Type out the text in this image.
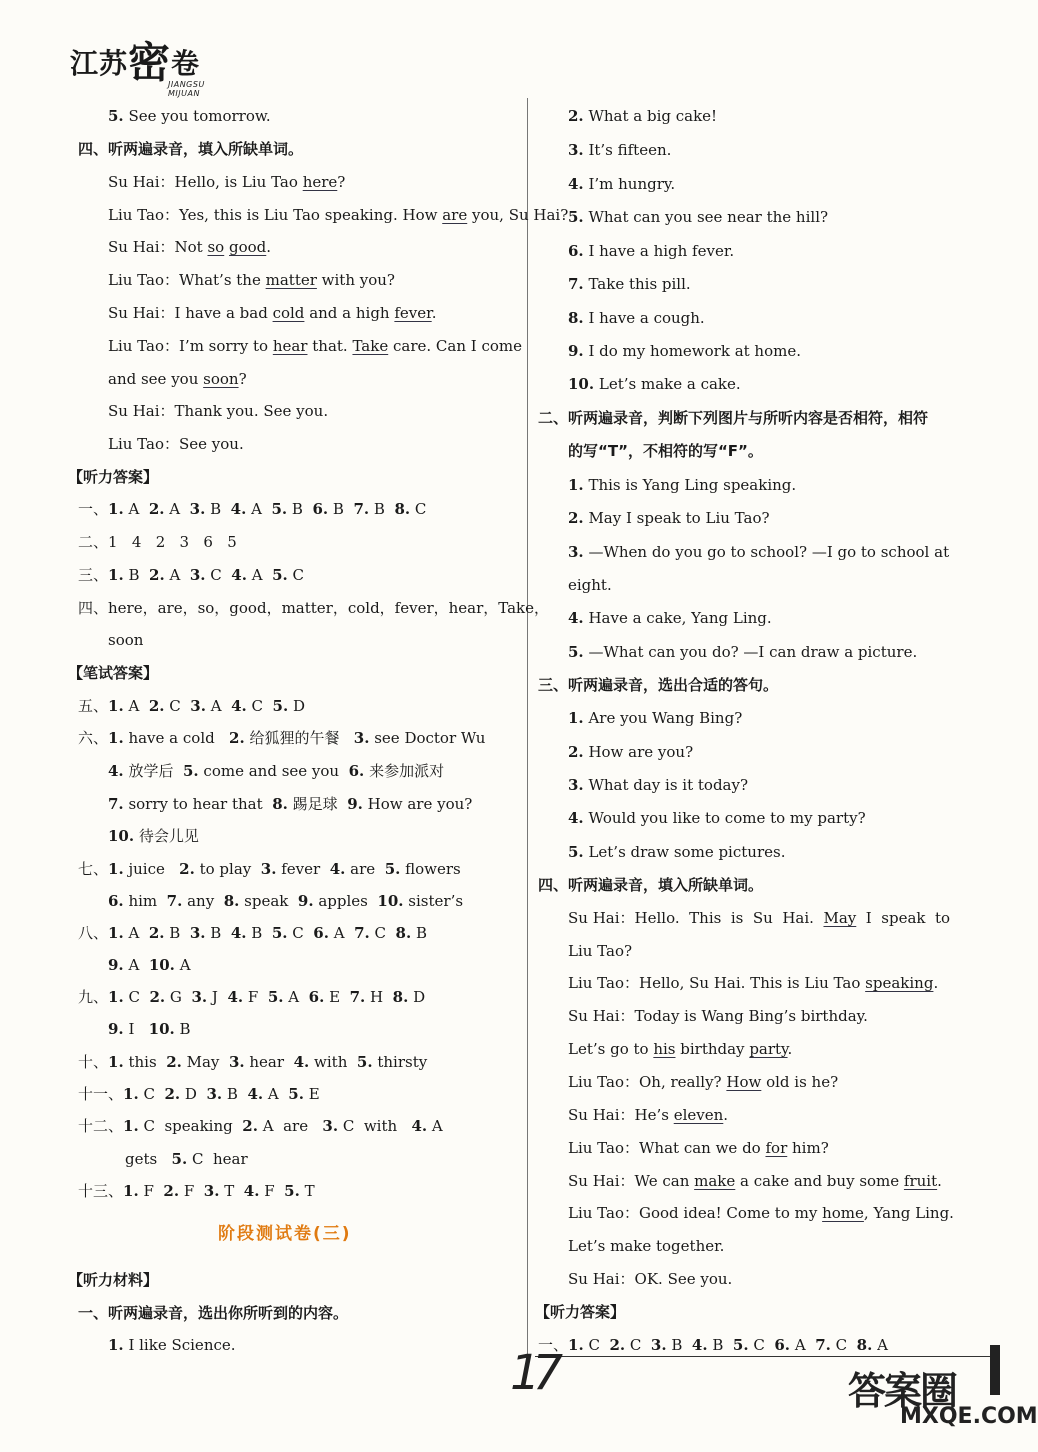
江苏密卷
JIANGSU MIJUAN
阶段测试卷(三)
17	答案圈
MXQE.COM
5. See you tomorrow.
四、听两遍录音，填入所缺单词。
Su Hai：Hello, is Liu Tao here?
Liu Tao：Yes, this is Liu Tao speaking. How are you, Su Hai?
Su Hai：Not so good.
Liu Tao：What’s the matter with you?
Su Hai：I have a bad cold and a high fever.
Liu Tao：I’m sorry to hear that. Take care. Can I come
and see you soon?
Su Hai：Thank you. See you.
Liu Tao：See you.
【听力答案】
一、1. A  2. A  3. B  4. A  5. B  6. B  7. B  8. C
二、1   4   2   3   6   5
三、1. B  2. A  3. C  4. A  5. C
四、here，are，so，good，matter，cold，fever，hear，Take，
soon
【笔试答案】
五、1. A  2. C  3. A  4. C  5. D
六、1. have a cold   2. 给狐狸的午餐   3. see Doctor Wu
4. 放学后  5. come and see you  6. 来参加派对
7. sorry to hear that  8. 踢足球  9. How are you?
10. 待会儿见
七、1. juice   2. to play  3. fever  4. are  5. flowers
6. him  7. any  8. speak  9. apples  10. sister’s
八、1. A  2. B  3. B  4. B  5. C  6. A  7. C  8. B
9. A  10. A
九、1. C  2. G  3. J  4. F  5. A  6. E  7. H  8. D
9. I   10. B
十、1. this  2. May  3. hear  4. with  5. thirsty
十一、1. C  2. D  3. B  4. A  5. E
十二、1. C  speaking  2. A  are   3. C  with   4. A
gets   5. C  hear
十三、1. F  2. F  3. T  4. F  5. T
【听力材料】
一、听两遍录音，选出你所听到的内容。
1. I like Science.
2. What a big cake!
3. It’s fifteen.
4. I’m hungry.
5. What can you see near the hill?
6. I have a high fever.
7. Take this pill.
8. I have a cough.
9. I do my homework at home.
10. Let’s make a cake.
二、听两遍录音，判断下列图片与所听内容是否相符，相符
的写“T”，不相符的写“F”。
1. This is Yang Ling speaking.
2. May I speak to Liu Tao?
3. —When do you go to school? —I go to school at
eight.
4. Have a cake, Yang Ling.
5. —What can you do? —I can draw a picture.
三、听两遍录音，选出合适的答句。
1. Are you Wang Bing?
2. How are you?
3. What day is it today?
4. Would you like to come to my party?
5. Let’s draw some pictures.
四、听两遍录音，填入所缺单词。
Su Hai：Hello.  This  is  Su  Hai.  May  I  speak  to
Liu Tao?
Liu Tao：Hello, Su Hai. This is Liu Tao speaking.
Su Hai：Today is Wang Bing’s birthday.
Let’s go to his birthday party.
Liu Tao：Oh, really? How old is he?
Su Hai：He’s eleven.
Liu Tao：What can we do for him?
Su Hai：We can make a cake and buy some fruit.
Liu Tao：Good idea! Come to my home, Yang Ling.
Let’s make together.
Su Hai：OK. See you.
【听力答案】
一、1. C  2. C  3. B  4. B  5. C  6. A  7. C  8. A
